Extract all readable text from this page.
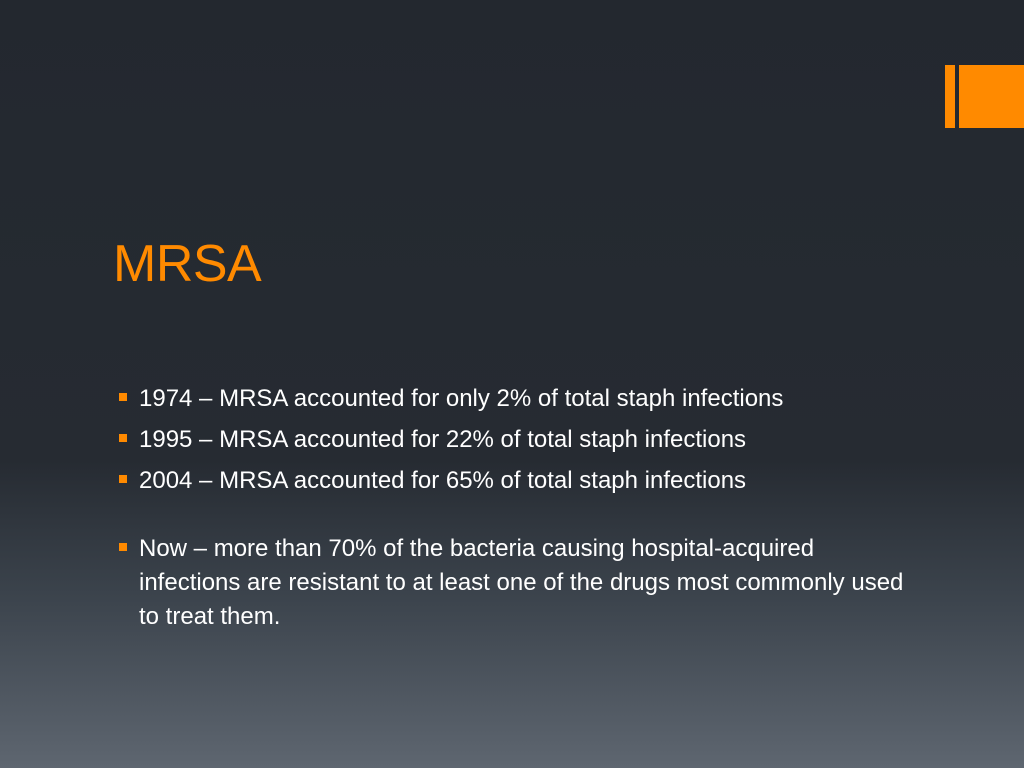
MRSA
1974 – MRSA accounted for only 2% of total staph infections
1995 – MRSA accounted for 22% of total staph infections
2004 – MRSA accounted for 65% of total staph infections
Now – more than 70% of the bacteria causing hospital-acquired infections are resistant to at least one of the drugs most commonly used to treat them.
